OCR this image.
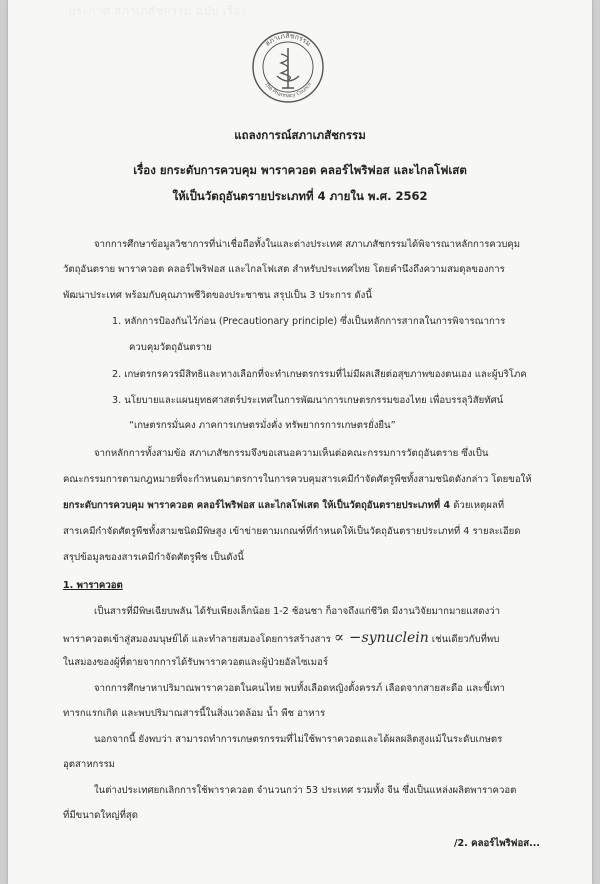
ประกาศ สภาเภสัชกรรม ฉบับ เรื่อง
สภาเภสัชกรรม
The Pharmacy Council
แถลงการณ์สภาเภสัชกรรม
เรื่อง ยกระดับการควบคุม พาราควอต คลอร์ไพริฟอส และไกลโฟเสต
ให้เป็นวัตถุอันตรายประเภทที่ 4 ภายใน พ.ศ. 2562
จากการศึกษาข้อมูลวิชาการที่น่าเชื่อถือทั้งในและต่างประเทศ สภาเภสัชกรรมได้พิจารณาหลักการควบคุม
วัตถุอันตราย พาราควอต คลอร์ไพริฟอส และไกลโฟเสต สำหรับประเทศไทย โดยคำนึงถึงความสมดุลของการ
พัฒนาประเทศ พร้อมกับคุณภาพชีวิตของประชาชน สรุปเป็น 3 ประการ ดังนี้
1. หลักการป้องกันไว้ก่อน (Precautionary principle) ซึ่งเป็นหลักการสากลในการพิจารณาการ
ควบคุมวัตถุอันตราย
2. เกษตรกรควรมีสิทธิและทางเลือกที่จะทำเกษตรกรรมที่ไม่มีผลเสียต่อสุขภาพของตนเอง และผู้บริโภค
3. นโยบายและแผนยุทธศาสตร์ประเทศในการพัฒนาการเกษตรกรรมของไทย เพื่อบรรลุวิสัยทัศน์
“เกษตรกรมั่นคง ภาคการเกษตรมั่งคั่ง ทรัพยากรการเกษตรยั่งยืน”
จากหลักการทั้งสามข้อ สภาเภสัชกรรมจึงขอเสนอความเห็นต่อคณะกรรมการวัตถุอันตราย ซึ่งเป็น
คณะกรรมการตามกฎหมายที่จะกำหนดมาตรการในการควบคุมสารเคมีกำจัดศัตรูพืชทั้งสามชนิดดังกล่าว โดยขอให้
ยกระดับการควบคุม พาราควอต คลอร์ไพริฟอส และไกลโฟเสต ให้เป็นวัตถุอันตรายประเภทที่ 4 ด้วยเหตุผลที่
สารเคมีกำจัดศัตรูพืชทั้งสามชนิดมีพิษสูง เข้าข่ายตามเกณฑ์ที่กำหนดให้เป็นวัตถุอันตรายประเภทที่ 4 รายละเอียด
สรุปข้อมูลของสารเคมีกำจัดศัตรูพืช เป็นดังนี้
1. พาราควอต
เป็นสารที่มีพิษเฉียบพลัน ได้รับเพียงเล็กน้อย 1-2 ช้อนชา ก็อาจถึงแก่ชีวิต มีงานวิจัยมากมายแสดงว่า
พาราควอตเข้าสู่สมองมนุษย์ได้ และทำลายสมองโดยการสร้างสาร ∝ −synuclein เช่นเดียวกับที่พบ
ในสมองของผู้ที่ตายจากการได้รับพาราควอตและผู้ป่วยอัลไซเมอร์
จากการศึกษาหาปริมาณพาราควอตในคนไทย พบทั้งเลือดหญิงตั้งครรภ์ เลือดจากสายสะดือ และขี้เทา
ทารกแรกเกิด และพบปริมาณสารนี้ในสิ่งแวดล้อม น้ำ พืช อาหาร
นอกจากนี้ ยังพบว่า สามารถทำการเกษตรกรรมที่ไม่ใช้พาราควอตและได้ผลผลิตสูงแม้ในระดับเกษตร
อุตสาหกรรม
ในต่างประเทศยกเลิกการใช้พาราควอต จำนวนกว่า 53 ประเทศ รวมทั้ง จีน ซึ่งเป็นแหล่งผลิตพาราควอต
ที่มีขนาดใหญ่ที่สุด
/2. คลอร์ไพริฟอส...
